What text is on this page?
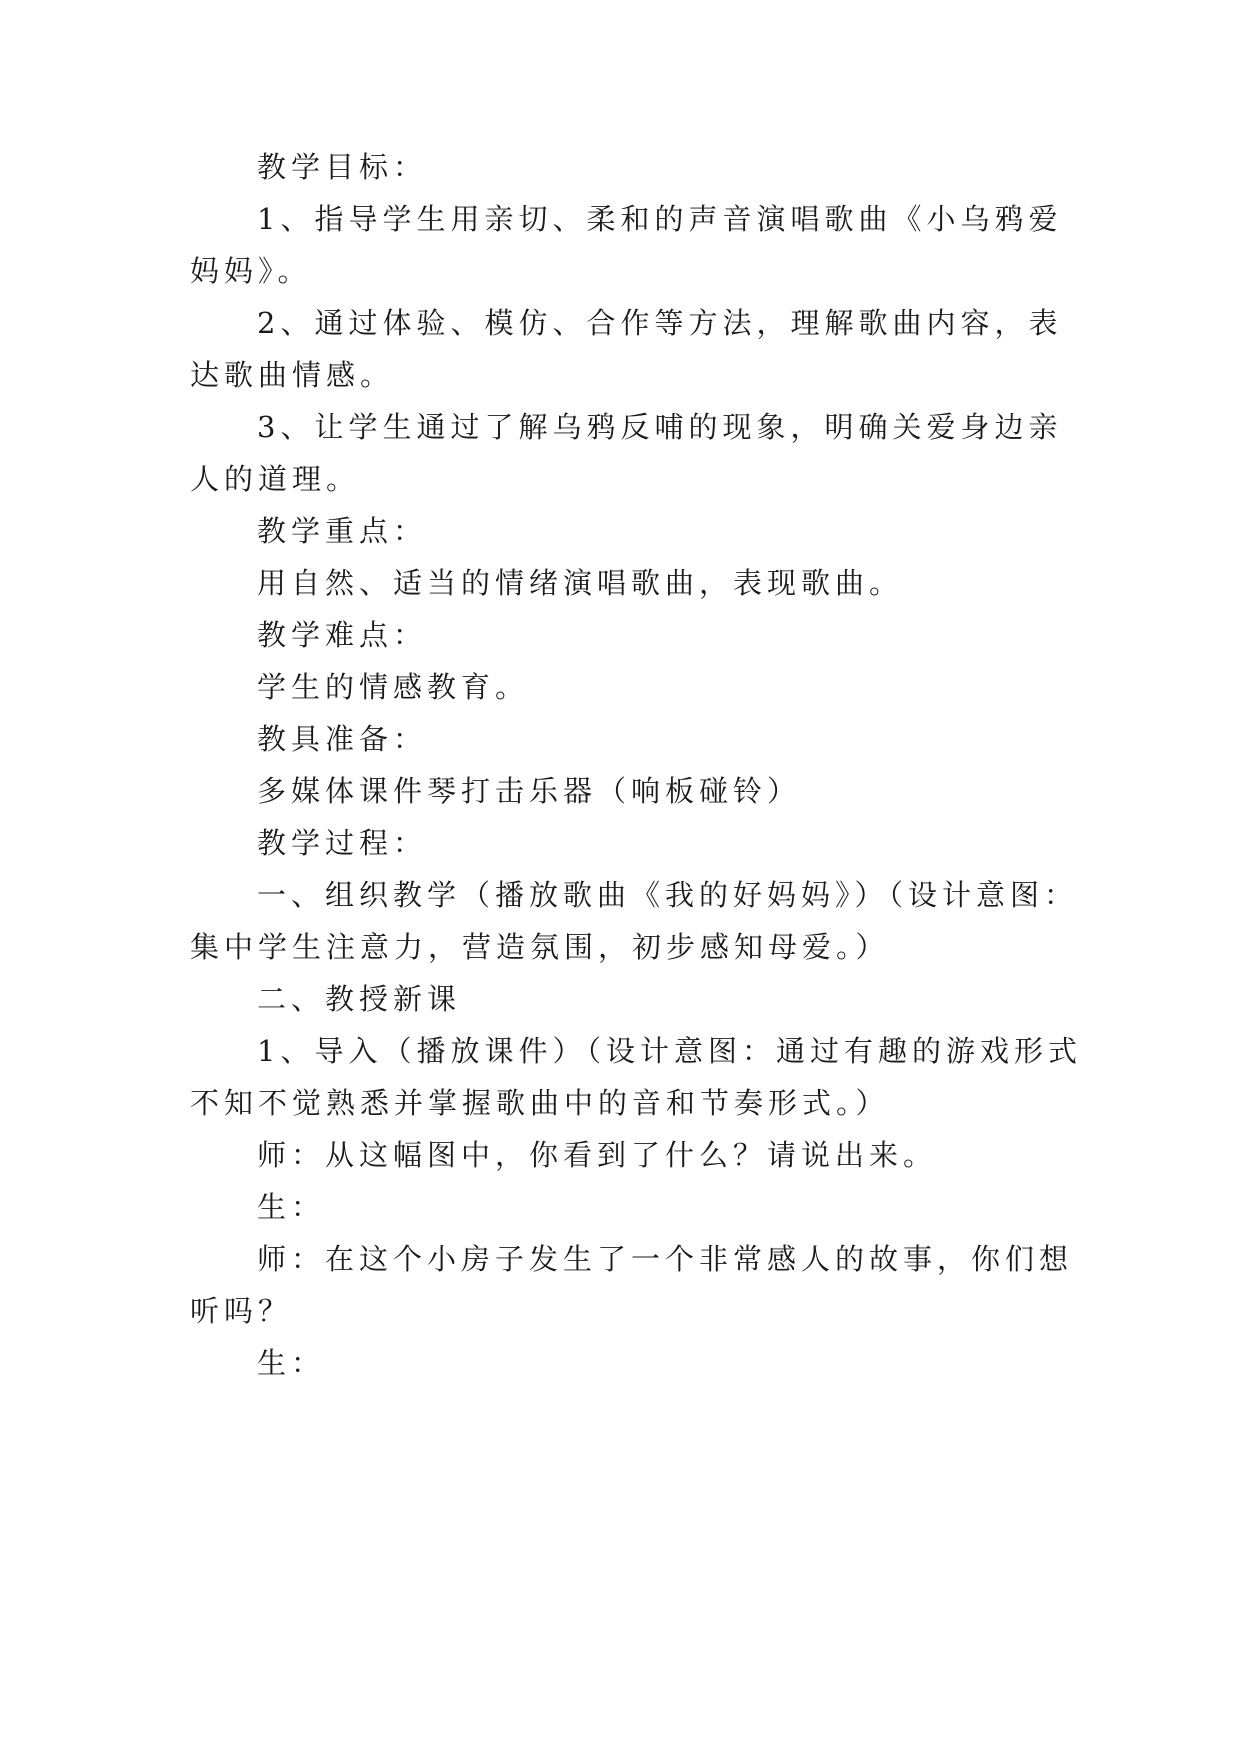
教学目标：
1、指导学生用亲切、柔和的声音演唱歌曲《小乌鸦爱
妈妈》。
2、通过体验、模仿、合作等方法，理解歌曲内容，表
达歌曲情感。
3、让学生通过了解乌鸦反哺的现象，明确关爱身边亲
人的道理。
教学重点：
用自然、适当的情绪演唱歌曲，表现歌曲。
教学难点：
学生的情感教育。
教具准备：
多媒体课件琴打击乐器（响板碰铃）
教学过程：
一、组织教学（播放歌曲《我的好妈妈》）（设计意图：
集中学生注意力，营造氛围，初步感知母爱。）
二、教授新课
1、导入（播放课件）（设计意图：通过有趣的游戏形式
不知不觉熟悉并掌握歌曲中的音和节奏形式。）
师：从这幅图中，你看到了什么？请说出来。
生：
师：在这个小房子发生了一个非常感人的故事，你们想
听吗？
生：
